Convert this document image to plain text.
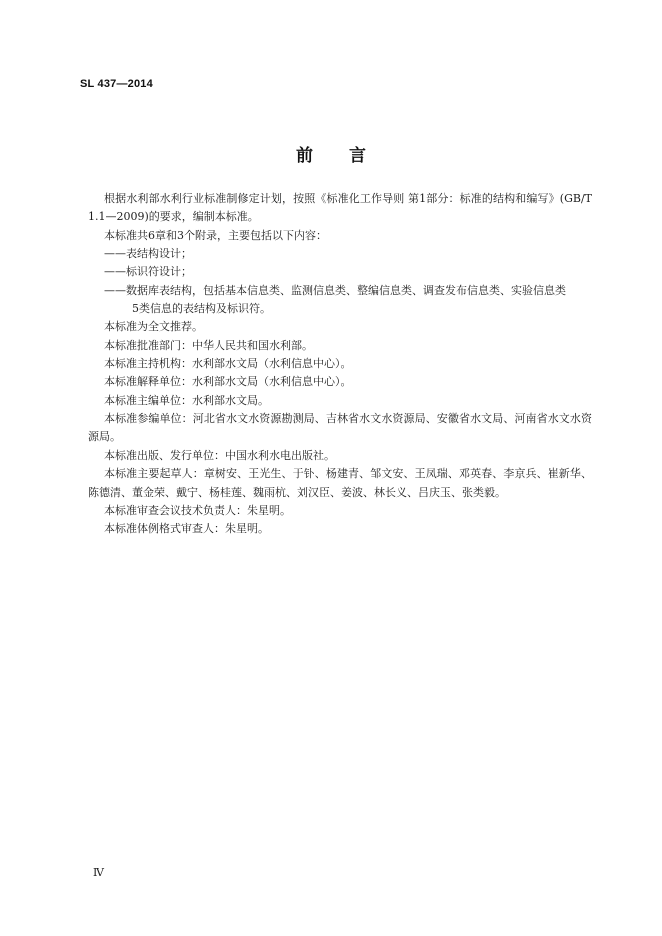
SL 437—2014
前 言

根据水利部水利行业标准制修定计划，按照《标准化工作导则 第1部分：标准的结构和编写》(GB/T 1.1—2009)的要求，编制本标准。

本标准共6章和3个附录，主要包括以下内容：

——表结构设计；

——标识符设计；

——数据库表结构，包括基本信息类、监测信息类、整编信息类、调查发布信息类、实验信息类
5类信息的表结构及标识符。

本标准为全文推荐。

本标准批准部门：中华人民共和国水利部。

本标准主持机构：水利部水文局（水利信息中心）。

本标准解释单位：水利部水文局（水利信息中心）。

本标准主编单位：水利部水文局。

本标准参编单位：河北省水文水资源勘测局、吉林省水文水资源局、安徽省水文局、河南省水文水资源局。

本标准出版、发行单位：中国水利水电出版社。

本标准主要起草人：章树安、王光生、于钋、杨建青、邹文安、王凤瑞、邓英春、李京兵、崔新华、陈德清、董金荣、戴宁、杨桂莲、魏雨杭、刘汉臣、姜波、林长义、吕庆玉、张类毅。

本标准审查会议技术负责人：朱星明。

本标准体例格式审查人：朱星明。

Ⅳ
